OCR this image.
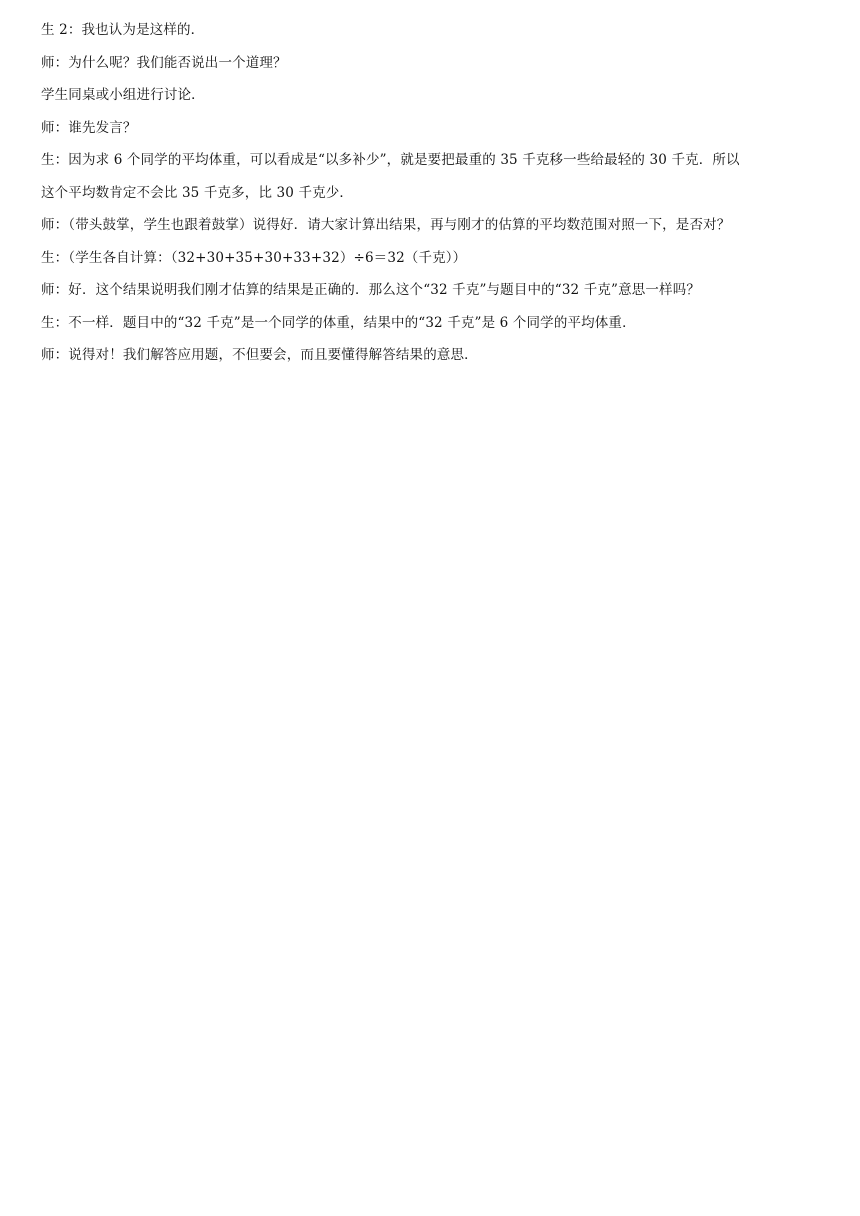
生 2：我也认为是这样的．

师：为什么呢？我们能否说出一个道理？

学生同桌或小组进行讨论．

师：谁先发言？

生：因为求 6 个同学的平均体重，可以看成是“以多补少”，就是要把最重的 35 千克移一些给最轻的 30 千克．所以

这个平均数肯定不会比 35 千克多，比 30 千克少．

师：（带头鼓掌，学生也跟着鼓掌）说得好．请大家计算出结果，再与刚才的估算的平均数范围对照一下，是否对？

生：（学生各自计算：（32+30+35+30+33+32）÷6＝32（千克））

师：好．这个结果说明我们刚才估算的结果是正确的．那么这个“32 千克”与题目中的“32 千克”意思一样吗？

生：不一样．题目中的“32 千克”是一个同学的体重，结果中的“32 千克”是 6 个同学的平均体重．

师：说得对！我们解答应用题，不但要会，而且要懂得解答结果的意思．
